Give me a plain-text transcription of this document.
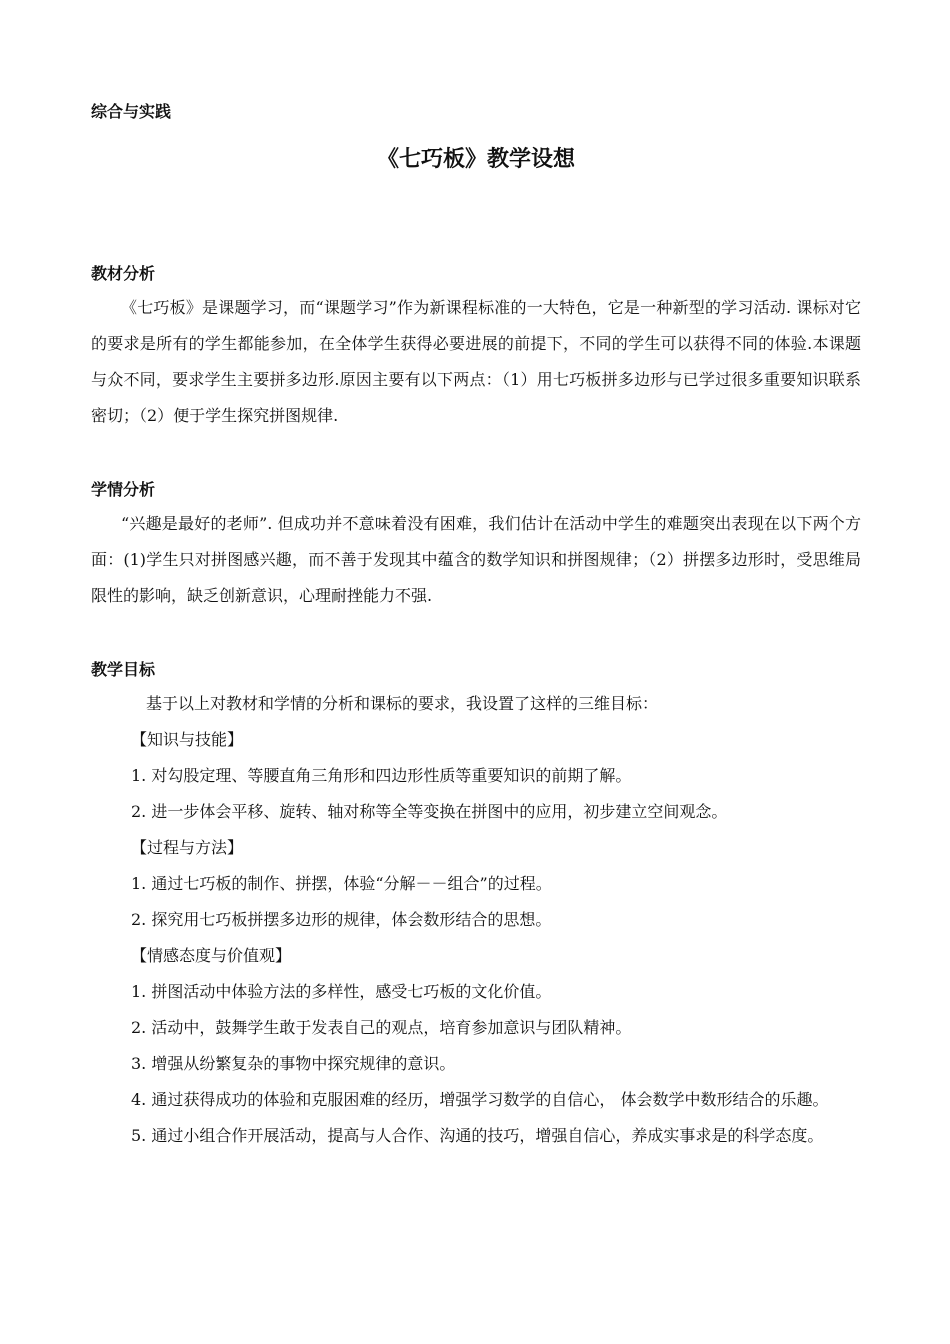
综合与实践
《七巧板》教学设想
教材分析

《七巧板》是课题学习，而“课题学习”作为新课程标准的一大特色，它是一种新型的学习活动. 课标对它的要求是所有的学生都能参加，在全体学生获得必要进展的前提下，不同的学生可以获得不同的体验.本课题与众不同，要求学生主要拼多边形.原因主要有以下两点：（1）用七巧板拼多边形与已学过很多重要知识联系密切；（2）便于学生探究拼图规律.

学情分析

“兴趣是最好的老师”. 但成功并不意味着没有困难，我们估计在活动中学生的难题突出表现在以下两个方面：(1)学生只对拼图感兴趣，而不善于发现其中蕴含的数学知识和拼图规律；（2）拼摆多边形时，受思维局限性的影响，缺乏创新意识，心理耐挫能力不强.

教学目标

基于以上对教材和学情的分析和课标的要求，我设置了这样的三维目标：

【知识与技能】

1. 对勾股定理、等腰直角三角形和四边形性质等重要知识的前期了解。

2. 进一步体会平移、旋转、轴对称等全等变换在拼图中的应用，初步建立空间观念。

【过程与方法】

1. 通过七巧板的制作、拼摆，体验“分解－－组合”的过程。

2. 探究用七巧板拼摆多边形的规律，体会数形结合的思想。

【情感态度与价值观】

1. 拼图活动中体验方法的多样性，感受七巧板的文化价值。

2. 活动中，鼓舞学生敢于发表自己的观点，培育参加意识与团队精神。

3. 增强从纷繁复杂的事物中探究规律的意识。

4. 通过获得成功的体验和克服困难的经历，增强学习数学的自信心， 体会数学中数形结合的乐趣。

5. 通过小组合作开展活动，提高与人合作、沟通的技巧，增强自信心，养成实事求是的科学态度。
